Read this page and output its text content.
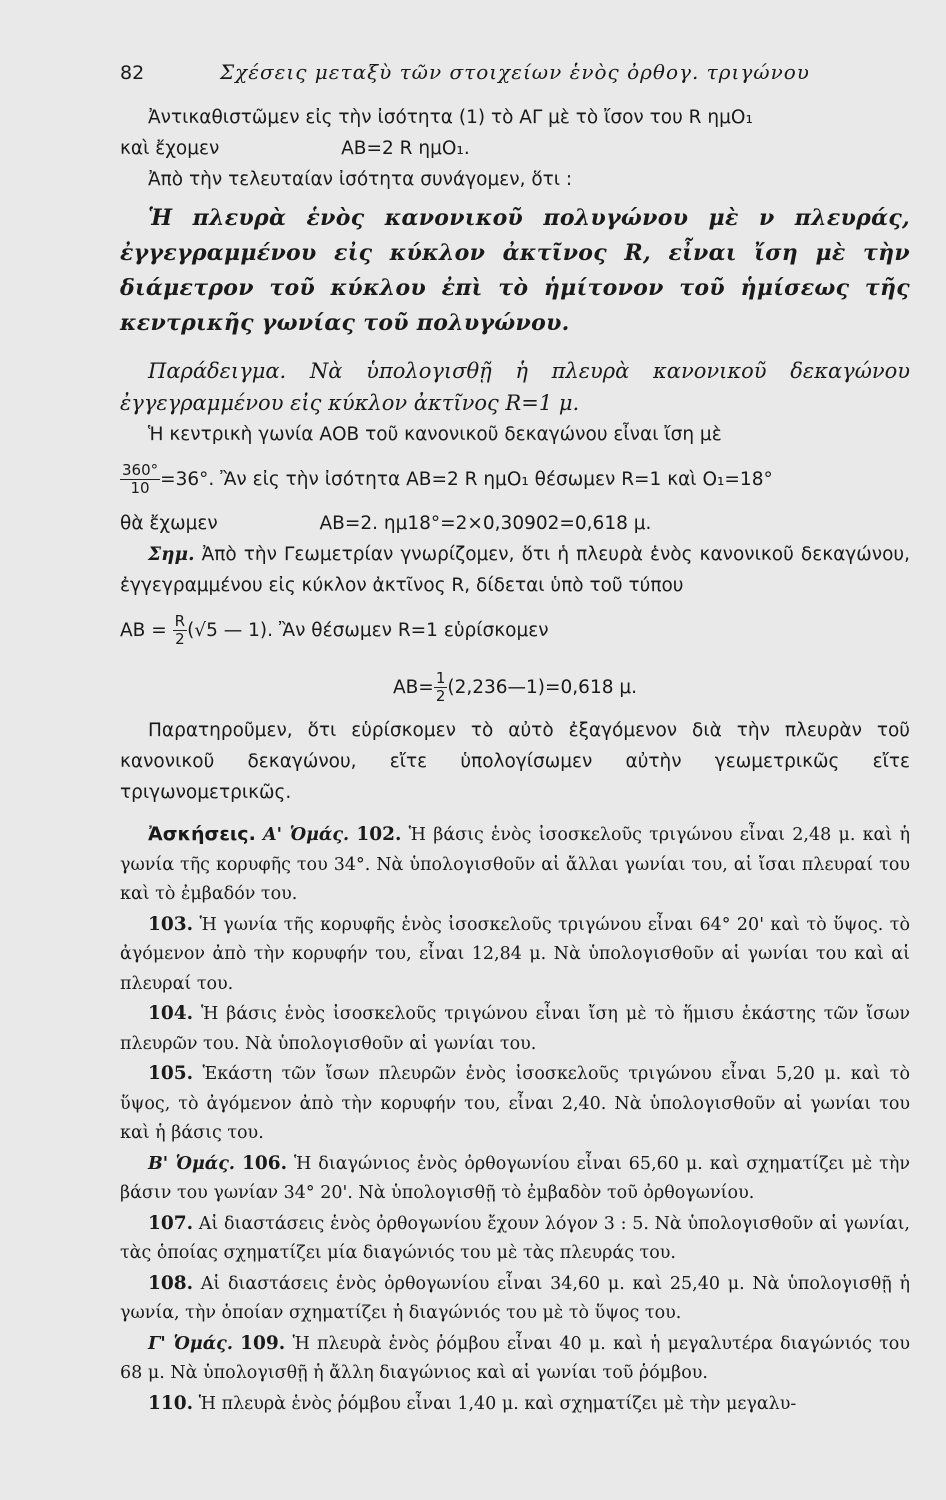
82	Σχέσεις μεταξὺ τῶν στοιχείων ἑνὸς ὀρθογ. τριγώνου

Ἀντικαθιστῶμεν εἰς τὴν ἰσότητα (1) τὸ ΑΓ μὲ τὸ ἴσον του R ημΟ₁

καὶ ἔχομεν	ΑΒ=2 R ημΟ₁.

Ἀπὸ τὴν τελευταίαν ἰσότητα συνάγομεν, ὅτι :

Ἡ πλευρὰ ἑνὸς κανονικοῦ πολυγώνου μὲ ν πλευράς, ἐγγεγραμμένου εἰς κύκλον ἀκτῖνος R, εἶναι ἴση μὲ τὴν διάμετρον τοῦ κύκλου ἐπὶ τὸ ἡμίτονον τοῦ ἡμίσεως τῆς κεντρικῆς γωνίας τοῦ πολυγώνου.

Παράδειγμα. Νὰ ὑπολογισθῇ ἡ πλευρὰ κανονικοῦ δεκαγώνου ἐγγεγραμμένου εἰς κύκλον ἀκτῖνος R=1 μ.

Ἡ κεντρικὴ γωνία ΑΟΒ τοῦ κανονικοῦ δεκαγώνου εἶναι ἴση μὲ

$\frac{360^\circ}{10} =36^\circ$. Ἂν εἰς τὴν ἰσότητα ΑΒ=2 R ημΟ₁ θέσωμεν R=1 καὶ Ο₁=18°

θὰ ἔχωμεν	ΑΒ=2. ημ18°=2×0,30902=0,618 μ.

Σημ. Ἀπὸ τὴν Γεωμετρίαν γνωρίζομεν, ὅτι ἡ πλευρὰ ἑνὸς κανονικοῦ δεκαγώνου, ἐγγεγραμμένου εἰς κύκλον ἀκτῖνος R, δίδεται ὑπὸ τοῦ τύπου

ΑΒ =
$\frac{R}{2} (√5$ — 1). Ἂν θέσωμεν R=1 εὑρίσκομεν
$AB= \frac{1}{2}$ (2,236—1)=0,618 μ.

Παρατηροῦμεν, ὅτι εὑρίσκομεν τὸ αὐτὸ ἐξαγόμενον διὰ τὴν πλευρὰν τοῦ κανονικοῦ δεκαγώνου, εἴτε ὑπολογίσωμεν αὐτὴν γεωμετρικῶς εἴτε τριγωνομετρικῶς.

Ἀσκήσεις. Α' Ὁμάς. 102. Ἡ βάσις ἑνὸς ἰσοσκελοῦς τριγώνου εἶναι 2,48 μ. καὶ ἡ γωνία τῆς κορυφῆς του 34°. Νὰ ὑπολογισθοῦν αἱ ἄλλαι γωνίαι του, αἱ ἴσαι πλευραί του καὶ τὸ ἐμβαδόν του.

103. Ἡ γωνία τῆς κορυφῆς ἑνὸς ἰσοσκελοῦς τριγώνου εἶναι 64° 20' καὶ τὸ ὕψος. τὸ ἀγόμενον ἀπὸ τὴν κορυφήν του, εἶναι 12,84 μ. Νὰ ὑπολογισθοῦν αἱ γωνίαι του καὶ αἱ πλευραί του.

104. Ἡ βάσις ἑνὸς ἰσοσκελοῦς τριγώνου εἶναι ἴση μὲ τὸ ἥμισυ ἑκάστης τῶν ἴσων πλευρῶν του. Νὰ ὑπολογισθοῦν αἱ γωνίαι του.

105. Ἑκάστη τῶν ἴσων πλευρῶν ἑνὸς ἰσοσκελοῦς τριγώνου εἶναι 5,20 μ. καὶ τὸ ὕψος, τὸ ἀγόμενον ἀπὸ τὴν κορυφήν του, εἶναι 2,40. Νὰ ὑπολογισθοῦν αἱ γωνίαι του καὶ ἡ βάσις του.

Β' Ὁμάς. 106. Ἡ διαγώνιος ἑνὸς ὀρθογωνίου εἶναι 65,60 μ. καὶ σχηματίζει μὲ τὴν βάσιν του γωνίαν 34° 20'. Νὰ ὑπολογισθῇ τὸ ἐμβαδὸν τοῦ ὀρθογωνίου.

107. Αἱ διαστάσεις ἑνὸς ὀρθογωνίου ἔχουν λόγον 3 : 5. Νὰ ὑπολογισθοῦν αἱ γωνίαι, τὰς ὁποίας σχηματίζει μία διαγώνιός του μὲ τὰς πλευράς του.

108. Αἱ διαστάσεις ἑνὸς ὀρθογωνίου εἶναι 34,60 μ. καὶ 25,40 μ. Νὰ ὑπολογισθῇ ἡ γωνία, τὴν ὁποίαν σχηματίζει ἡ διαγώνιός του μὲ τὸ ὕψος του.

Γ' Ὁμάς. 109. Ἡ πλευρὰ ἑνὸς ῥόμβου εἶναι 40 μ. καὶ ἡ μεγαλυτέρα διαγώνιός του 68 μ. Νὰ ὑπολογισθῇ ἡ ἄλλη διαγώνιος καὶ αἱ γωνίαι τοῦ ῥόμβου.

110. Ἡ πλευρὰ ἑνὸς ῥόμβου εἶναι 1,40 μ. καὶ σχηματίζει μὲ τὴν μεγαλυ-
